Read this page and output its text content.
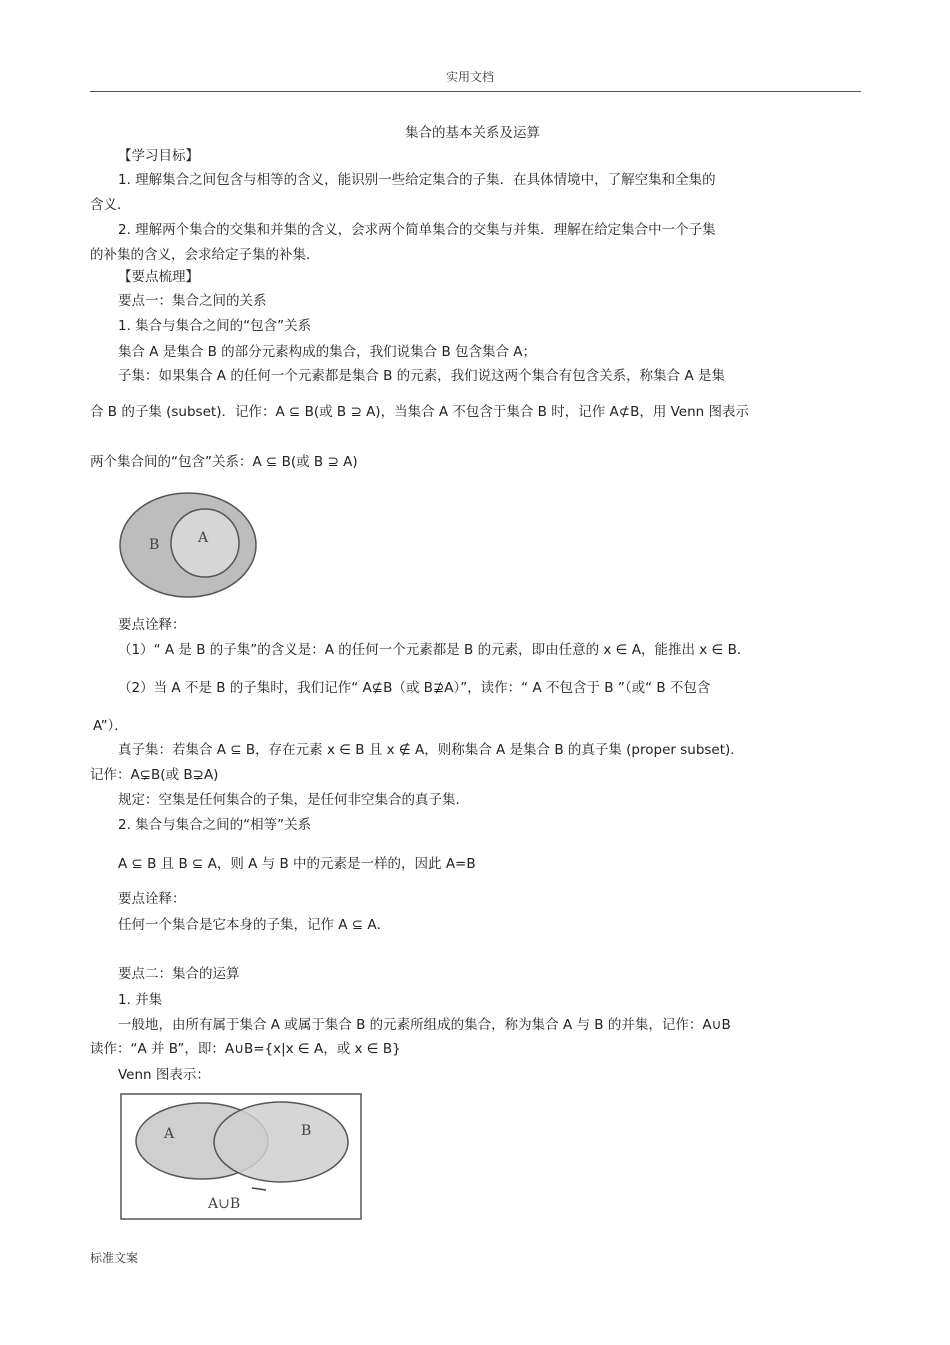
实用文档
集合的基本关系及运算
【学习目标】
1. 理解集合之间包含与相等的含义，能识别一些给定集合的子集．在具体情境中，了解空集和全集的
含义．
2. 理解两个集合的交集和并集的含义，会求两个简单集合的交集与并集．理解在给定集合中一个子集
的补集的含义，会求给定子集的补集．
【要点梳理】
要点一：集合之间的关系
1. 集合与集合之间的“包含”关系
集合 A 是集合 B 的部分元素构成的集合，我们说集合 B 包含集合 A；
子集：如果集合 A 的任何一个元素都是集合 B 的元素，我们说这两个集合有包含关系，称集合 A 是集
合 B 的子集 (subset)．记作：A ⊆ B(或 B ⊇ A)，当集合 A 不包含于集合 B 时，记作 A⊄B，用 Venn 图表示
两个集合间的“包含”关系：A ⊆ B(或 B ⊇ A)
B	A
要点诠释：
（1）“ A 是 B 的子集”的含义是：A 的任何一个元素都是 B 的元素，即由任意的 x ∈ A，能推出 x ∈ B．
（2）当 A 不是 B 的子集时，我们记作“ A⊈B（或 B⊉A）”，读作：“ A 不包含于 B ”（或“ B 不包含
A”）．
真子集：若集合 A ⊆ B，存在元素 x ∈ B 且 x ∉ A，则称集合 A 是集合 B 的真子集 (proper subset)．
记作：A⊊B(或 B⊋A)
规定：空集是任何集合的子集，是任何非空集合的真子集．
2. 集合与集合之间的“相等”关系
A ⊆ B 且 B ⊆ A，则 A 与 B 中的元素是一样的，因此 A=B
要点诠释：
任何一个集合是它本身的子集，记作 A ⊆ A．
要点二：集合的运算
1. 并集
一般地，由所有属于集合 A 或属于集合 B 的元素所组成的集合，称为集合 A 与 B 的并集，记作：A∪B
读作：“A 并 B”，即：A∪B={x|x ∈ A，或 x ∈ B}
Venn 图表示：
A	B
A∪B
标准文案
